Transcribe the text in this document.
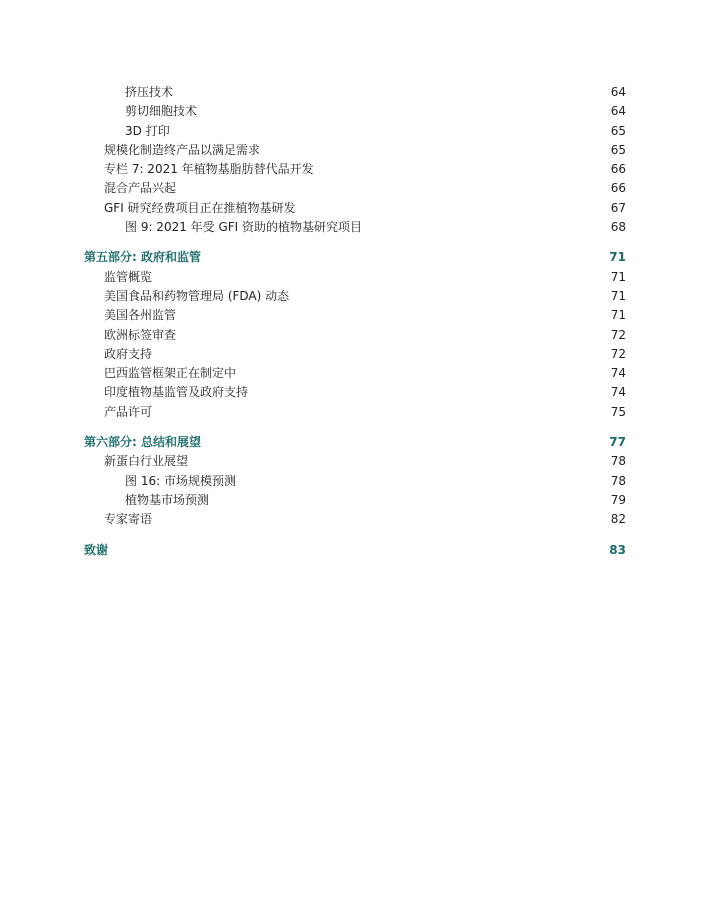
挤压技术	64
剪切细胞技术	64
3D 打印	65
规模化制造终产品以满足需求	65
专栏 7: 2021 年植物基脂肪替代品开发	66
混合产品兴起	66
GFI 研究经费项目正在推植物基研发	67
图 9: 2021 年受 GFI 资助的植物基研究项目	68
第五部分: 政府和监管	71
监管概览	71
美国食品和药物管理局 (FDA) 动态	71
美国各州监管	71
欧洲标签审查	72
政府支持	72
巴西监管框架正在制定中	74
印度植物基监管及政府支持	74
产品许可	75
第六部分: 总结和展望	77
新蛋白行业展望	78
图 16: 市场规模预测	78
植物基市场预测	79
专家寄语	82
致谢	83
